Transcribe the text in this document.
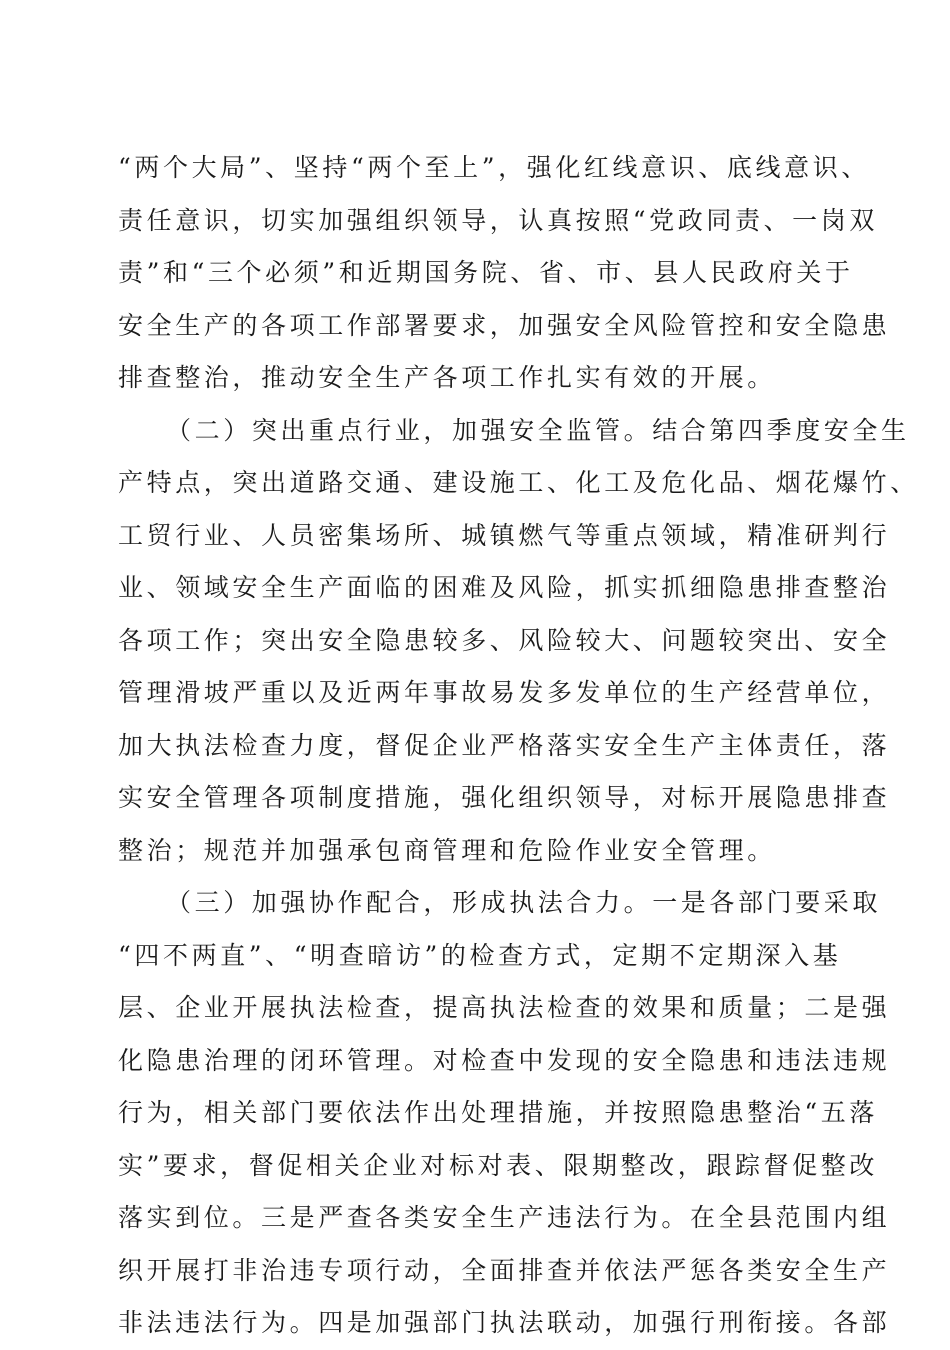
“两个大局”、坚持“两个至上”，强化红线意识、底线意识、
责任意识，切实加强组织领导，认真按照“党政同责、一岗双
责”和“三个必须”和近期国务院、省、市、县人民政府关于
安全生产的各项工作部署要求，加强安全风险管控和安全隐患
排查整治，推动安全生产各项工作扎实有效的开展。
（二）突出重点行业，加强安全监管。结合第四季度安全生
产特点，突出道路交通、建设施工、化工及危化品、烟花爆竹、
工贸行业、人员密集场所、城镇燃气等重点领域，精准研判行
业、领域安全生产面临的困难及风险，抓实抓细隐患排查整治
各项工作；突出安全隐患较多、风险较大、问题较突出、安全
管理滑坡严重以及近两年事故易发多发单位的生产经营单位，
加大执法检查力度，督促企业严格落实安全生产主体责任，落
实安全管理各项制度措施，强化组织领导，对标开展隐患排查
整治；规范并加强承包商管理和危险作业安全管理。
（三）加强协作配合，形成执法合力。一是各部门要采取
“四不两直”、“明查暗访”的检查方式，定期不定期深入基
层、企业开展执法检查，提高执法检查的效果和质量；二是强
化隐患治理的闭环管理。对检查中发现的安全隐患和违法违规
行为，相关部门要依法作出处理措施，并按照隐患整治“五落
实”要求，督促相关企业对标对表、限期整改，跟踪督促整改
落实到位。三是严查各类安全生产违法行为。在全县范围内组
织开展打非治违专项行动，全面排查并依法严惩各类安全生产
非法违法行为。四是加强部门执法联动，加强行刑衔接。各部
